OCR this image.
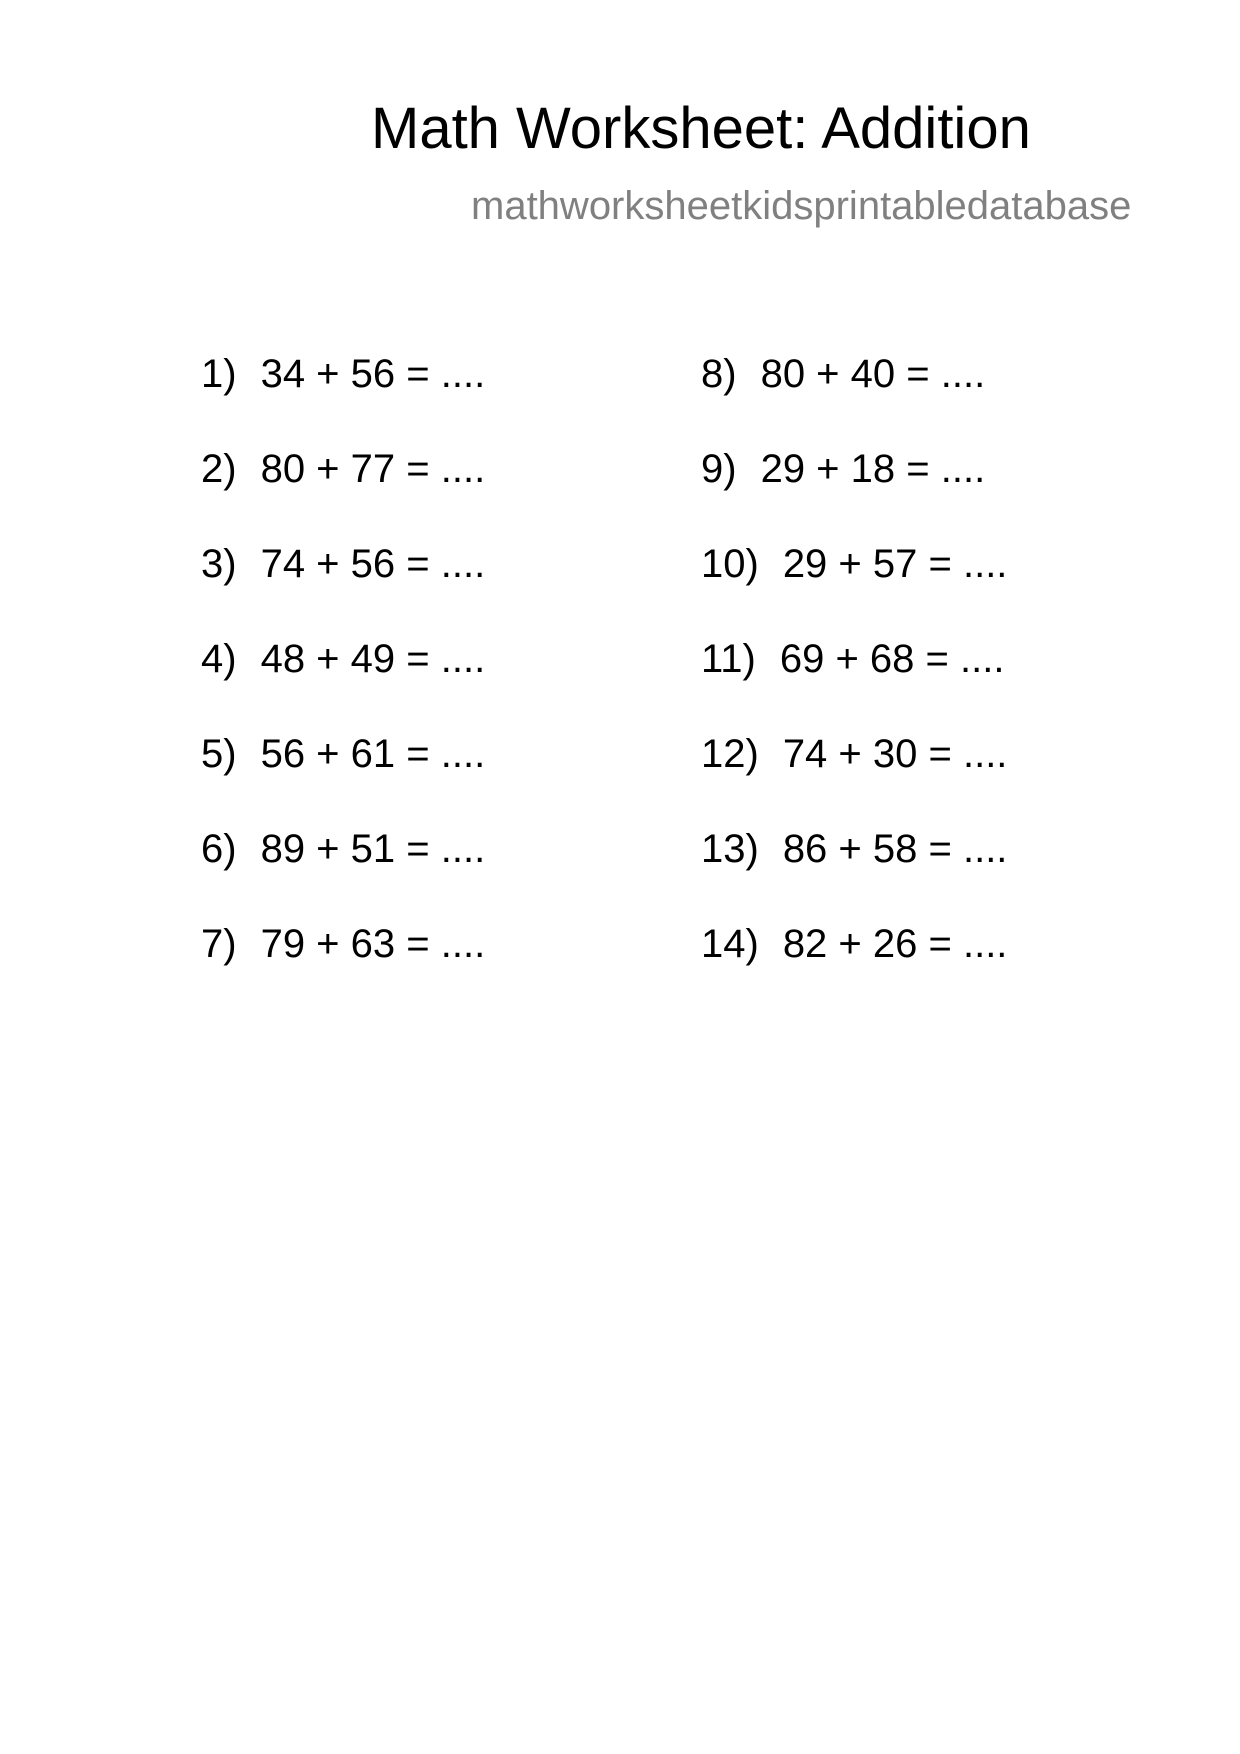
Math Worksheet: Addition
mathworksheetkidsprintabledatabase
1) 34 + 56 = ....
2) 80 + 77 = ....
3) 74 + 56 = ....
4) 48 + 49 = ....
5) 56 + 61 = ....
6) 89 + 51 = ....
7) 79 + 63 = ....
8) 80 + 40 = ....
9) 29 + 18 = ....
10) 29 + 57 = ....
11) 69 + 68 = ....
12) 74 + 30 = ....
13) 86 + 58 = ....
14) 82 + 26 = ....
